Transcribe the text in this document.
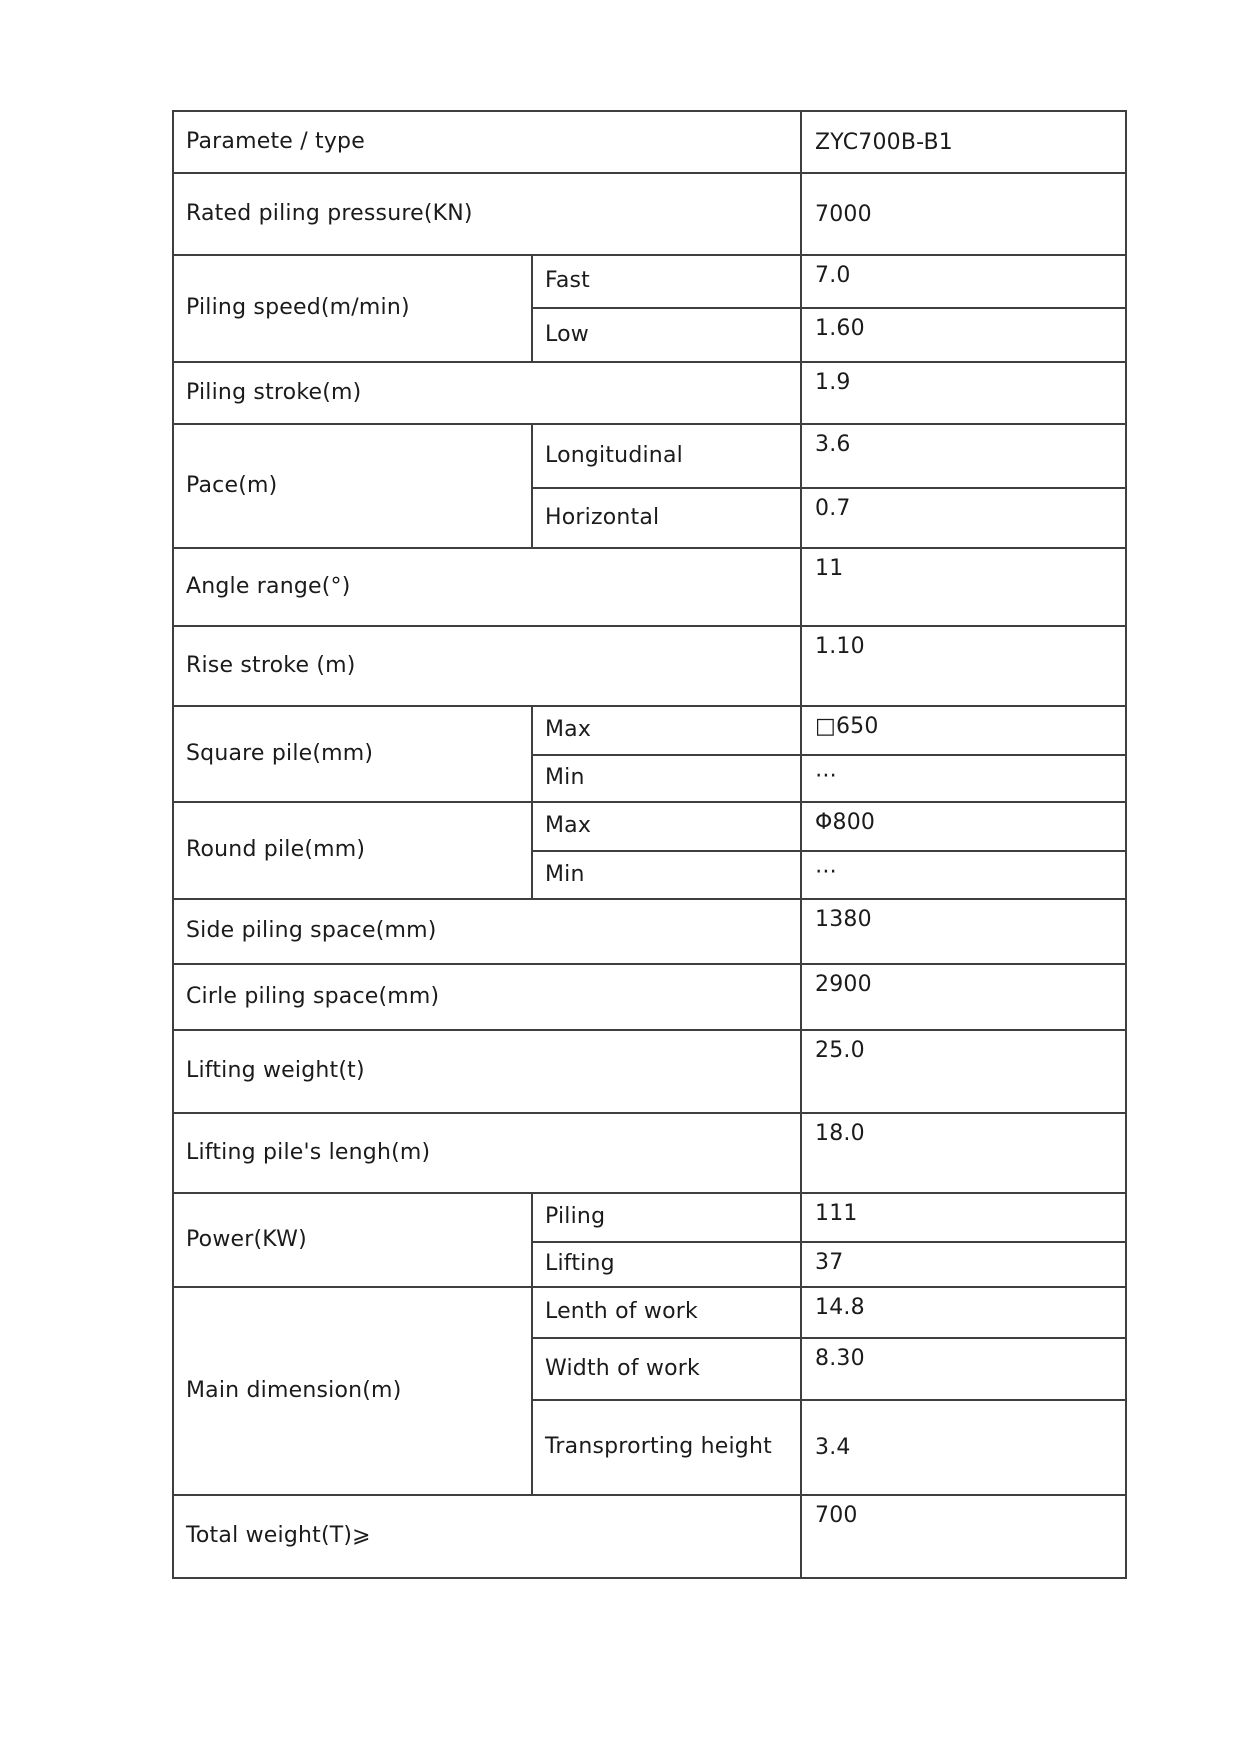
Paramete / type		ZYC700B-B1
Rated piling pressure(KN)		7000
Piling speed(m/min)	Fast	7.0
	Low	1.60
Piling stroke(m)		1.9
Pace(m)	Longitudinal	3.6
	Horizontal	0.7
Angle range(°)		11
Rise stroke (m)		1.10
Square pile(mm)	Max	□650
	Min	⋯
Round pile(mm)	Max	Φ800
	Min	⋯
Side piling space(mm)		1380
Cirle piling space(mm)		2900
Lifting weight(t)		25.0
Lifting pile's lengh(m)		18.0
Power(KW)	Piling	111
	Lifting	37
Main dimension(m)	Lenth of work	14.8
	Width of work	8.30
	Transprorting height	3.4
Total weight(T)⩾		700
